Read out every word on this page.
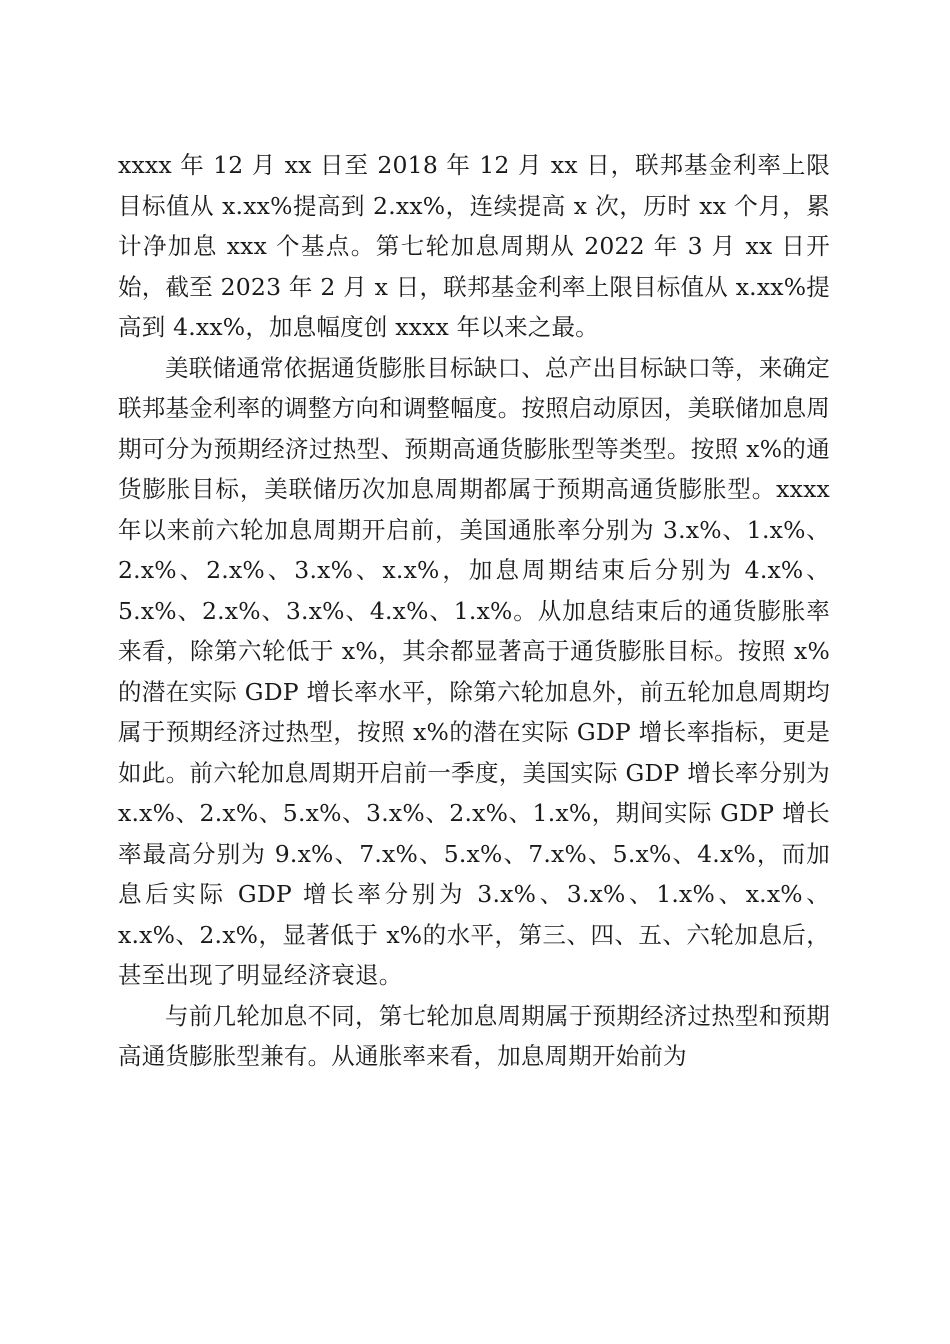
xxxx 年 12 月 xx 日至 2018 年 12 月 xx 日，联邦基金利率上限目标值从 x.xx%提高到 2.xx%，连续提高 x 次，历时 xx 个月，累计净加息 xxx 个基点。第七轮加息周期从 2022 年 3 月 xx 日开始，截至 2023 年 2 月 x 日，联邦基金利率上限目标值从 x.xx%提高到 4.xx%，加息幅度创 xxxx 年以来之最。

美联储通常依据通货膨胀目标缺口、总产出目标缺口等，来确定联邦基金利率的调整方向和调整幅度。按照启动原因，美联储加息周期可分为预期经济过热型、预期高通货膨胀型等类型。按照 x%的通货膨胀目标，美联储历次加息周期都属于预期高通货膨胀型。xxxx 年以来前六轮加息周期开启前，美国通胀率分别为 3.x%、1.x%、2.x%、2.x%、3.x%、x.x%，加息周期结束后分别为 4.x%、5.x%、2.x%、3.x%、4.x%、1.x%。从加息结束后的通货膨胀率来看，除第六轮低于 x%，其余都显著高于通货膨胀目标。按照 x%的潜在实际 GDP 增长率水平，除第六轮加息外，前五轮加息周期均属于预期经济过热型，按照 x%的潜在实际 GDP 增长率指标，更是如此。前六轮加息周期开启前一季度，美国实际 GDP 增长率分别为 x.x%、2.x%、5.x%、3.x%、2.x%、1.x%，期间实际 GDP 增长率最高分别为 9.x%、7.x%、5.x%、7.x%、5.x%、4.x%，而加息后实际 GDP 增长率分别为 3.x%、3.x%、1.x%、x.x%、x.x%、2.x%，显著低于 x%的水平，第三、四、五、六轮加息后，甚至出现了明显经济衰退。

与前几轮加息不同，第七轮加息周期属于预期经济过热型和预期高通货膨胀型兼有。从通胀率来看，加息周期开始前为
